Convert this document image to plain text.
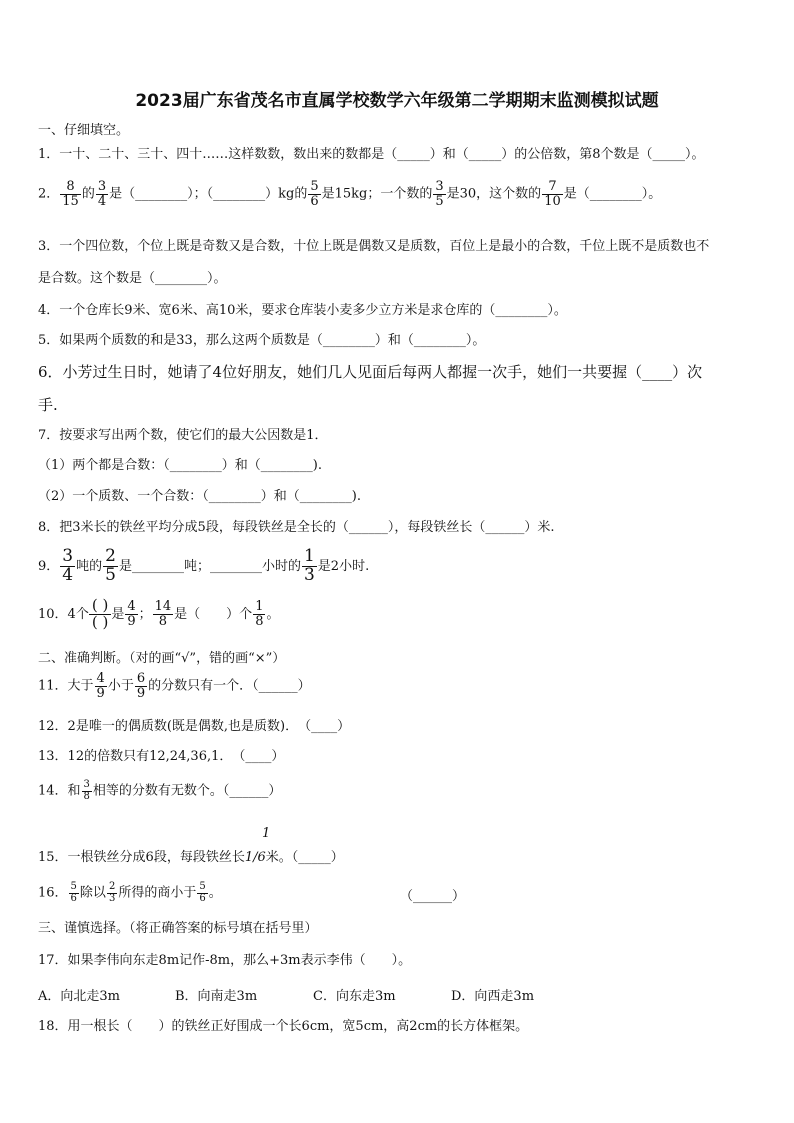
2023届广东省茂名市直属学校数学六年级第二学期期末监测模拟试题
一、仔细填空。
1．一十、二十、三十、四十……这样数数，数出来的数都是（_____）和（_____）的公倍数，第8个数是（_____）。
2． $\frac{8}{15}$ 的 $\frac{3}{4}$ 是（________）；（________）kg的 $\frac{5}{6}$ 是15kg；一个数的 $\frac{3}{5}$ 是30，这个数的 $\frac{7}{10}$ 是（________）。
3．一个四位数，个位上既是奇数又是合数，十位上既是偶数又是质数，百位上是最小的合数，千位上既不是质数也不
是合数。这个数是（________）。
4．一个仓库长9米、宽6米、高10米，要求仓库装小麦多少立方米是求仓库的（________）。
5．如果两个质数的和是33，那么这两个质数是（________）和（________）。
6．小芳过生日时，她请了4位好朋友，她们几人见面后每两人都握一次手，她们一共要握（____）次
手.
7．按要求写出两个数，使它们的最大公因数是1．
（1）两个都是合数：（________）和（________).
（2）一个质数、一个合数：（________）和（________).
8．把3米长的铁丝平均分成5段，每段铁丝是全长的（______），每段铁丝长（______）米.
9． $\frac{3}{4}$ 吨的 $\frac{2}{5}$ 是________吨；________小时的 $\frac{1}{3}$ 是2小时.
10．4个
( )
( ) 是 $\frac{4}{9}$ ； $\frac{14}{8}$ 是（　　）个 $\frac{1}{8}$ 。
二、准确判断。（对的画“√”，错的画“×”）
11．大于 $\frac{4}{9}$ 小于 $\frac{6}{9}$ 的分数只有一个．（______）
12．2是唯一的偶质数(既是偶数,也是质数)．　（____）
13．12的倍数只有12,24,36,1．　（____）
14．和 $\frac{3}{8}$ 相等的分数有无数个。（______）
1
15．一根铁丝分成6段，每段铁丝长1/6米。（_____）
16． $\frac{5}{6}$ 除以 $\frac{2}{3}$ 所得的商小于 $\frac{5}{6}$ 。	（______）
三、谨慎选择。（将正确答案的标号填在括号里）
17．如果李伟向东走8m记作-8m，那么+3m表示李伟（　　）。
A．向北走3m	B．向南走3m	C．向东走3m	D．向西走3m
18．用一根长（　　）的铁丝正好围成一个长6cm，宽5cm，高2cm的长方体框架。
